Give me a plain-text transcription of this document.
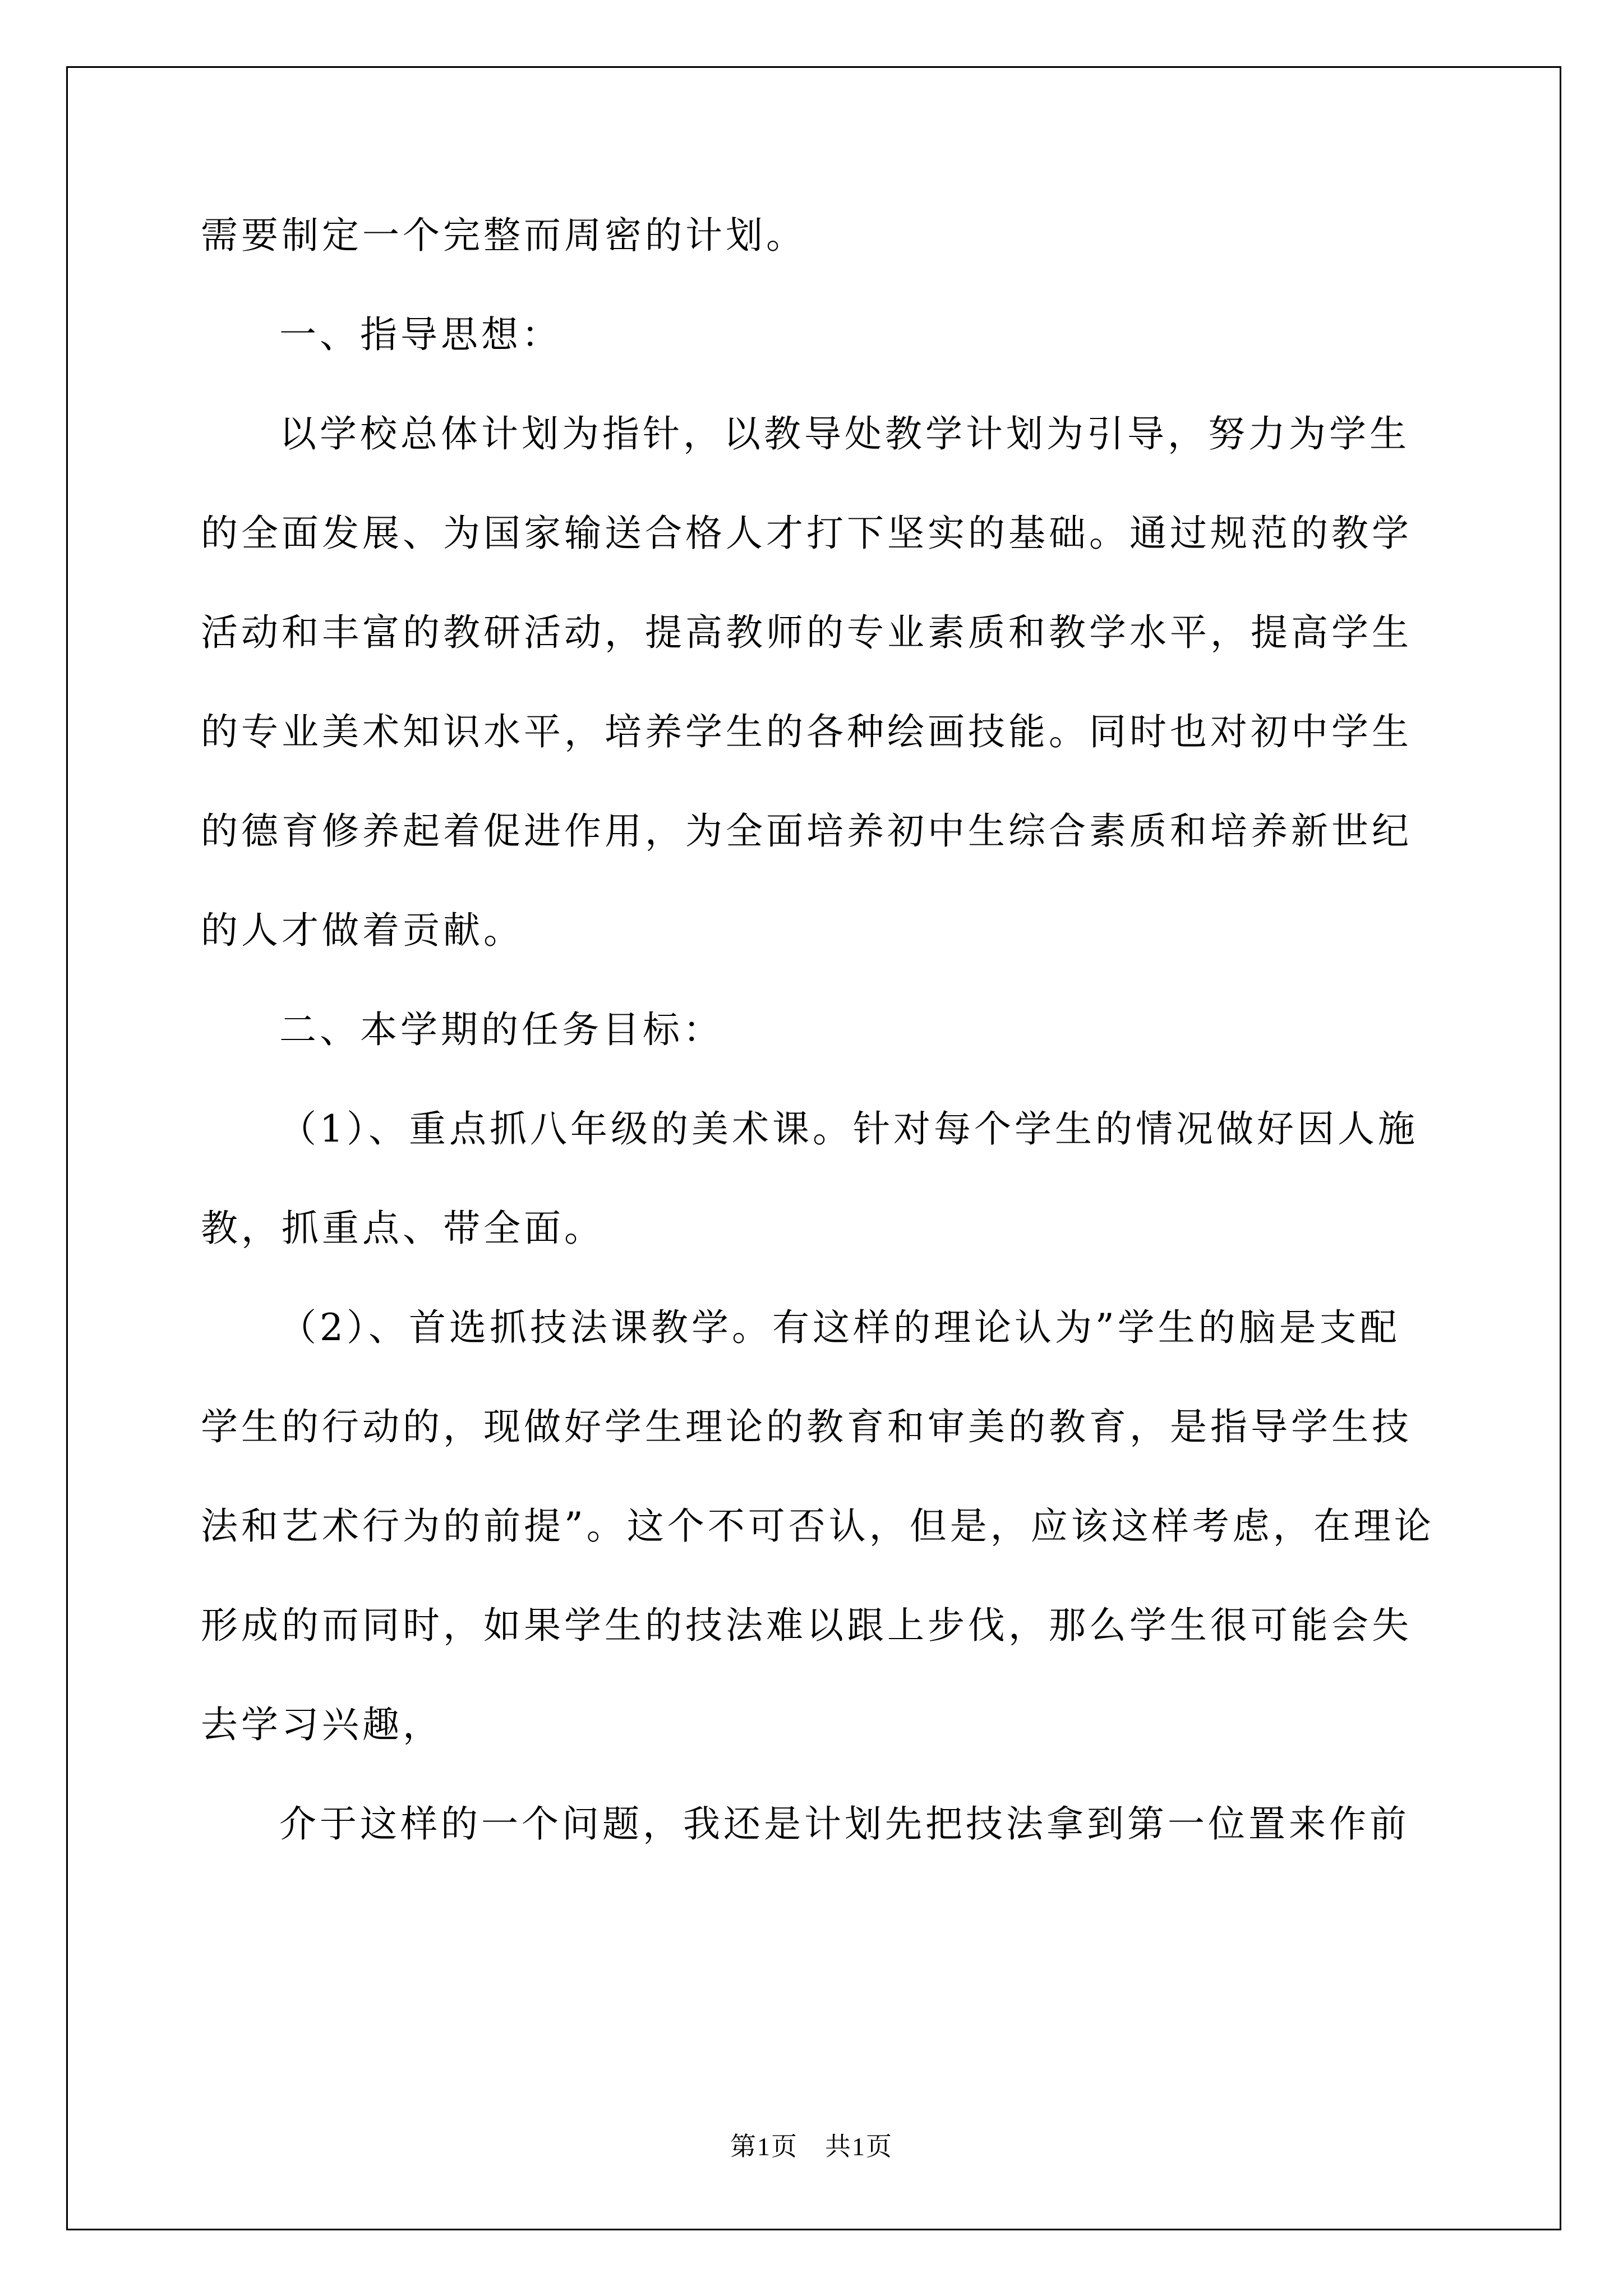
需要制定一个完整而周密的计划。
一、指导思想：
以学校总体计划为指针，以教导处教学计划为引导，努力为学生
的全面发展、为国家输送合格人才打下坚实的基础。通过规范的教学
活动和丰富的教研活动，提高教师的专业素质和教学水平，提高学生
的专业美术知识水平，培养学生的各种绘画技能。同时也对初中学生
的德育修养起着促进作用，为全面培养初中生综合素质和培养新世纪
的人才做着贡献。
二、本学期的任务目标：
（1）、重点抓八年级的美术课。针对每个学生的情况做好因人施
教，抓重点、带全面。
（2）、首选抓技法课教学。有这样的理论认为”学生的脑是支配
学生的行动的，现做好学生理论的教育和审美的教育，是指导学生技
法和艺术行为的前提”。这个不可否认，但是，应该这样考虑，在理论
形成的而同时，如果学生的技法难以跟上步伐，那么学生很可能会失
去学习兴趣，
介于这样的一个问题，我还是计划先把技法拿到第一位置来作前
第1页　共1页
